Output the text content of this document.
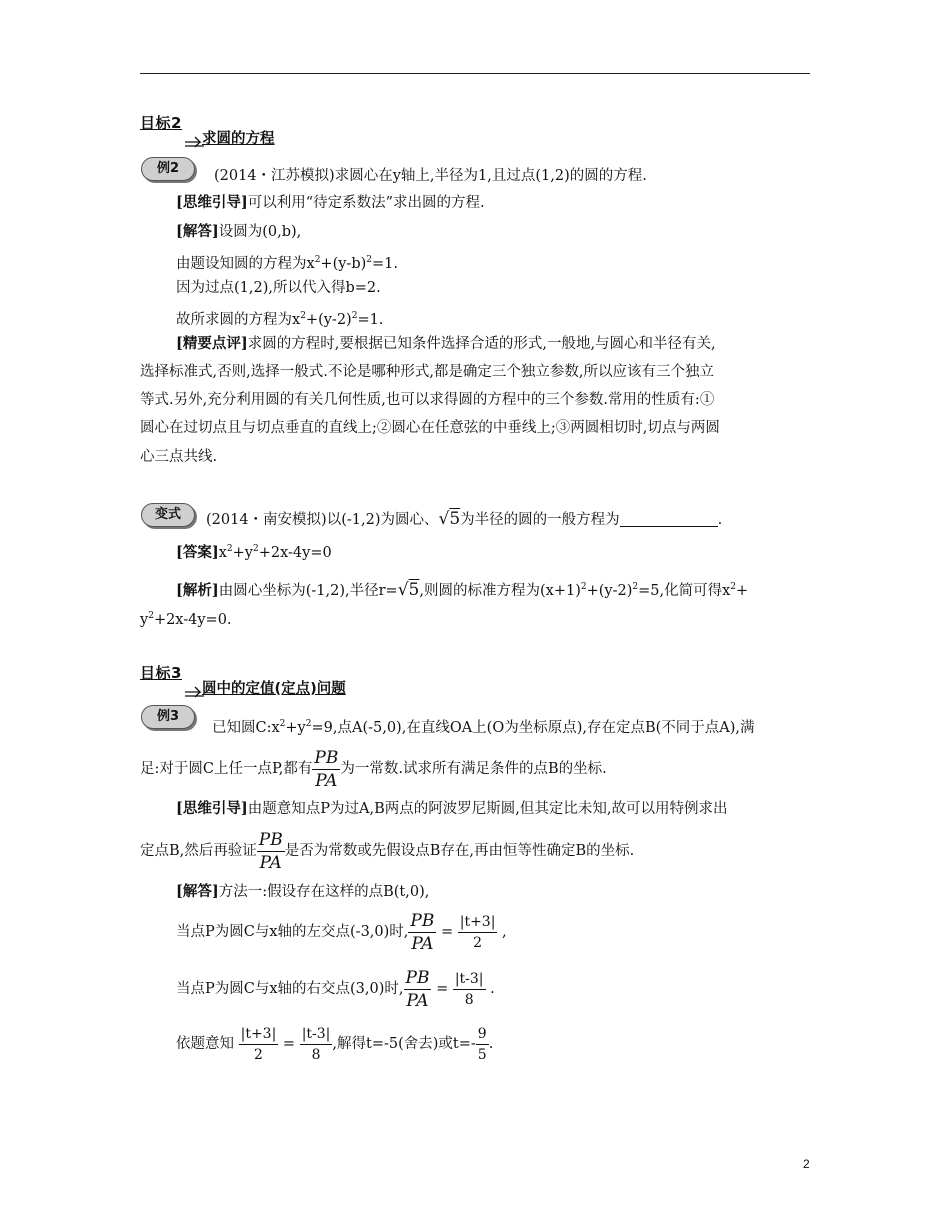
目标2
求圆的方程
例2	(2014・江苏模拟)求圆心在y轴上,半径为1,且过点(1,2)的圆的方程.
[思维引导]可以利用“待定系数法”求出圆的方程.
[解答]设圆为(0,b),
由题设知圆的方程为$x^2+(y-b)^2=1$.
因为过点(1,2),所以代入得b=2.
故所求圆的方程为$x^2+(y-2)^2=1$.
[精要点评]求圆的方程时,要根据已知条件选择合适的形式,一般地,与圆心和半径有关,
选择标准式,否则,选择一般式.不论是哪种形式,都是确定三个独立参数,所以应该有三个独立
等式.另外,充分利用圆的有关几何性质,也可以求得圆的方程中的三个参数.常用的性质有:①
圆心在过切点且与切点垂直的直线上;②圆心在任意弦的中垂线上;③两圆相切时,切点与两圆
心三点共线.
变式	(2014・南安模拟)以(-1,2)为圆心、√5为半径的圆的一般方程为	.
[答案]$x^2+y^2+2x-4y=0$
[解析]由圆心坐标为(-1,2),半径r=√5,则圆的标准方程为$(x+1)^2+(y-2)^2=5$,化简可得$x^2+$
$y^2+2x-4y=0$.
目标3
圆中的定值(定点)问题
例3
已知圆$C:x^2+y^2=9$,点A(-5,0),在直线OA上(O为坐标原点),存在定点B(不同于点A),满
足:对于圆C上任一点P,都有 $\frac{PB}{PA}$ 为一常数.试求所有满足条件的点B的坐标.
[思维引导]由题意知点P为过A,B两点的阿波罗尼斯圆,但其定比未知,故可以用特例求出
定点B,然后再验证 $\frac{PB}{PA}$ 是否为常数或先假设点B存在,再由恒等性确定B的坐标.
[解答]方法一:假设存在这样的点B(t,0),
当点P为圆C与x轴的左交点(-3,0)时, $\frac{PB}{PA} = \frac{|t+3|}{2}$ ,
当点P为圆C与x轴的右交点(3,0)时, $\frac{PB}{PA} = \frac{|t-3|}{8}$ .
依题意知 $\frac{|t+3|}{2} = \frac{|t-3|}{8}$ ,解得t=-5(舍去)或$t=- \frac{9}{5}$ .
2
